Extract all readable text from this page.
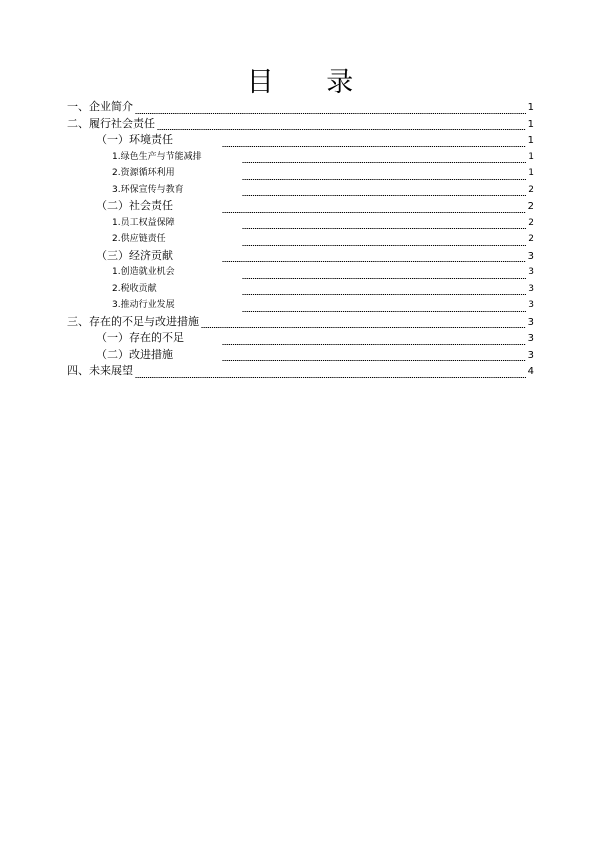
目 录
一、企业简介	1
二、履行社会责任	1
（一）环境责任	1
1.绿色生产与节能减排	1
2.资源循环利用	1
3.环保宣传与教育	2
（二）社会责任	2
1.员工权益保障	2
2.供应链责任	2
（三）经济贡献	3
1.创造就业机会	3
2.税收贡献	3
3.推动行业发展	3
三、存在的不足与改进措施	3
（一）存在的不足	3
（二）改进措施	3
四、未来展望	4
